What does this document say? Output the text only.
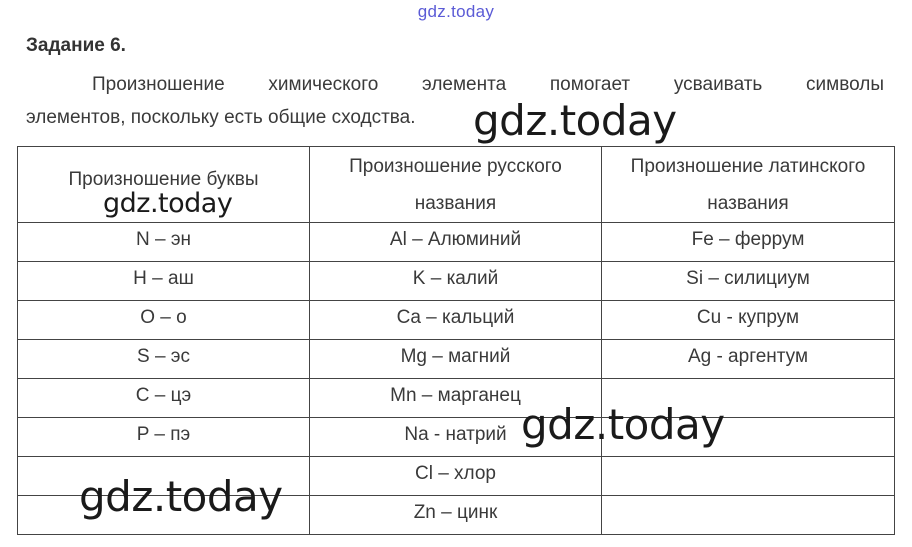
gdz.today
Задание 6.
Произношение химического элемента помогает усваивать символы
элементов, поскольку есть общие сходства.
Произношение буквы	Произношение русского названия	Произношение латинского названия
N – эн	Al – Алюминий	Fe – феррум
H – аш	K – калий	Si – силициум
O – о	Ca – кальций	Cu - купрум
S – эс	Mg – магний	Ag - аргентум
C – цэ	Mn – марганец	
P – пэ	Na - натрий	
	Cl – хлор	
	Zn – цинк	
gdz.today
gdz.today
gdz.today
gdz.today
